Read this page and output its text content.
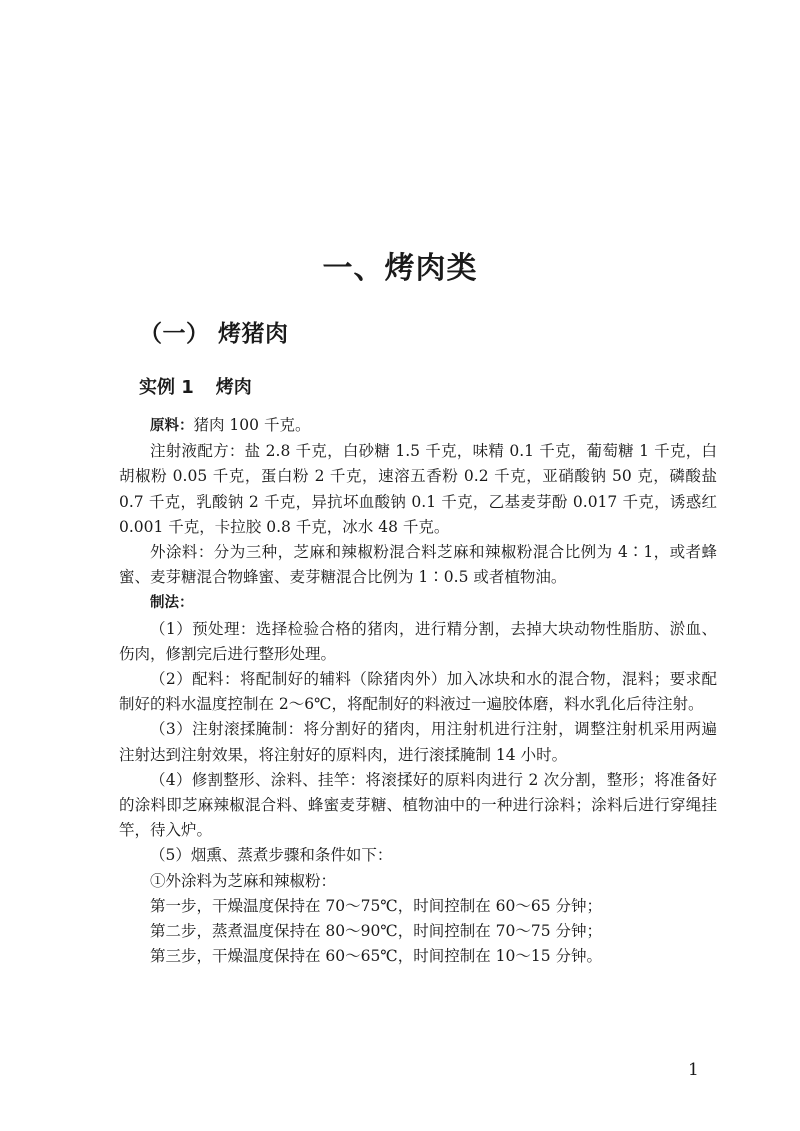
一、烤肉类
（一） 烤猪肉
实例 1 烤肉

原料：猪肉 100 千克。

注射液配方：盐 2.8 千克，白砂糖 1.5 千克，味精 0.1 千克，葡萄糖 1 千克，白胡椒粉 0.05 千克，蛋白粉 2 千克，速溶五香粉 0.2 千克，亚硝酸钠 50 克，磷酸盐 0.7 千克，乳酸钠 2 千克，异抗坏血酸钠 0.1 千克，乙基麦芽酚 0.017 千克，诱惑红 0.001 千克，卡拉胶 0.8 千克，冰水 48 千克。

外涂料：分为三种，芝麻和辣椒粉混合料芝麻和辣椒粉混合比例为 4∶1，或者蜂蜜、麦芽糖混合物蜂蜜、麦芽糖混合比例为 1∶0.5 或者植物油。

制法：

（1）预处理：选择检验合格的猪肉，进行精分割，去掉大块动物性脂肪、淤血、伤肉，修割完后进行整形处理。

（2）配料：将配制好的辅料（除猪肉外）加入冰块和水的混合物，混料；要求配制好的料水温度控制在 2～6℃，将配制好的料液过一遍胶体磨，料水乳化后待注射。

（3）注射滚揉腌制：将分割好的猪肉，用注射机进行注射，调整注射机采用两遍注射达到注射效果，将注射好的原料肉，进行滚揉腌制 14 小时。

（4）修割整形、涂料、挂竿：将滚揉好的原料肉进行 2 次分割，整形；将准备好的涂料即芝麻辣椒混合料、蜂蜜麦芽糖、植物油中的一种进行涂料；涂料后进行穿绳挂竿，待入炉。

（5）烟熏、蒸煮步骤和条件如下：

①外涂料为芝麻和辣椒粉：

第一步，干燥温度保持在 70～75℃，时间控制在 60～65 分钟；

第二步，蒸煮温度保持在 80～90℃，时间控制在 70～75 分钟；

第三步，干燥温度保持在 60～65℃，时间控制在 10～15 分钟。

1
